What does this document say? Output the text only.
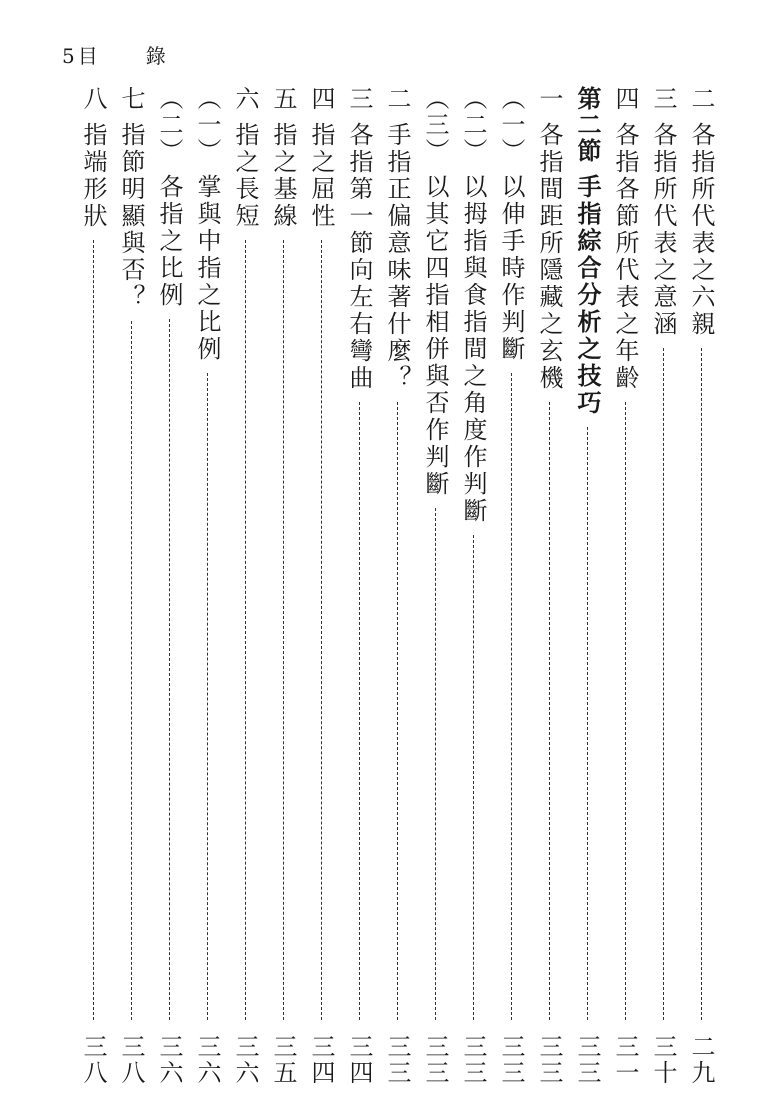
5 目　錄
二
各指所代表之六親
二九
三
各指所代表之意涵
三十
四
各指各節所代表之年齡
三一
第二節
手指綜合分析之技巧
三三
一
各指間距所隱藏之玄機
三三
（一）
以伸手時作判斷
三三
（二）
以拇指與食指間之角度作判斷
三三
（三）
以其它四指相併與否作判斷
三三
二
手指正偏意味著什麼？
三三
三
各指第一節向左右彎曲
三四
四
指之屈性
三四
五
指之基線
三五
六
指之長短
三六
（一）
掌與中指之比例
三六
（二）
各指之比例
三六
七
指節明顯與否？
三八
八
指端形狀
三八
